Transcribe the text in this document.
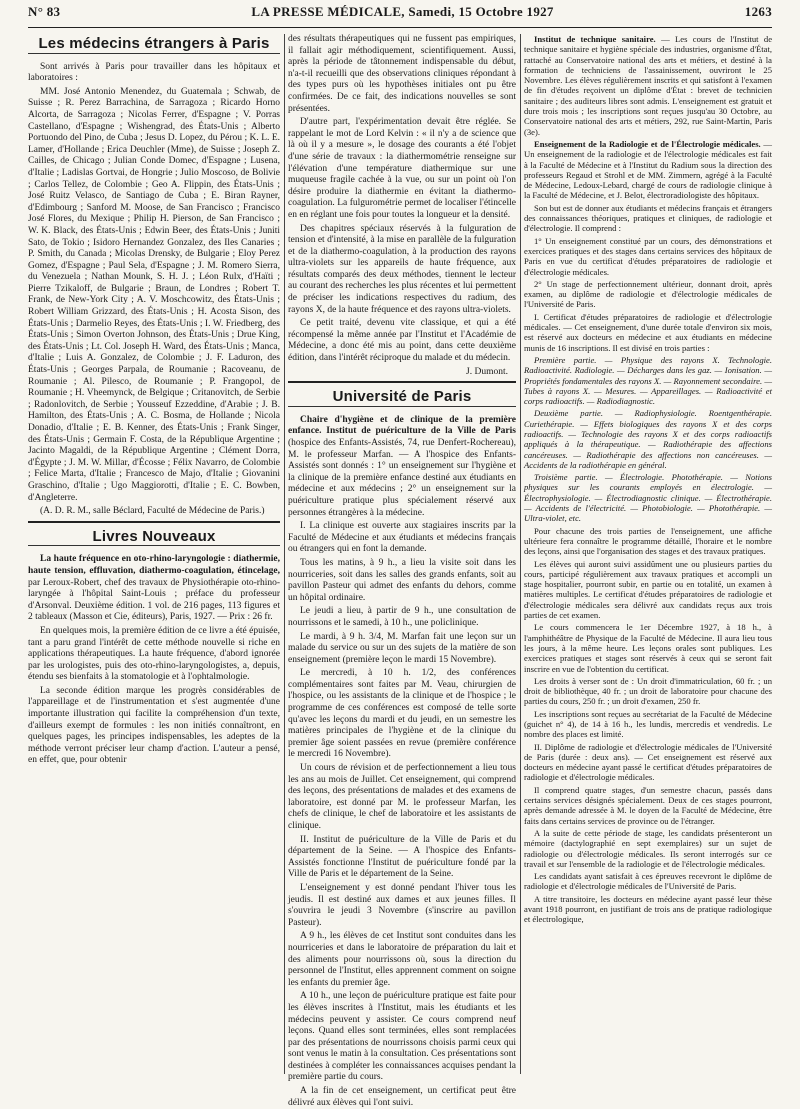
N° 83	LA PRESSE MÉDICALE, Samedi, 15 Octobre 1927	1263
Les médecins étrangers à Paris

Sont arrivés à Paris pour travailler dans les hôpitaux et laboratoires :

MM. José Antonio Menendez, du Guatemala ; Schwab, de Suisse ; R. Perez Barrachina, de Sarragoza ; Ricardo Horno Alcorta, de Sarragoza ; Nicolas Ferrer, d'Espagne ; V. Porras Castellano, d'Espagne ; Wishengrad, des États-Unis ; Alberto Portuondo del Pino, de Cuba ; Jesus D. Lopez, du Pérou ; K. L. E. Lamer, d'Hollande ; Erica Deuchler (Mme), de Suisse ; Joseph Z. Cailles, de Chicago ; Julian Conde Domec, d'Espagne ; Lusena, d'Italie ; Ladislas Gortvai, de Hongrie ; Julio Moscoso, de Bolivie ; Carlos Tellez, de Colombie ; Geo A. Flippin, des États-Unis ; José Ruitz Velasco, de Santiago de Cuba ; E. Biran Rayner, d'Edimbourg ; Sanford M. Moose, de San Francisco ; Francisco José Flores, du Mexique ; Philip H. Pierson, de San Francisco ; W. K. Black, des États-Unis ; Edwin Beer, des États-Unis ; Juniti Sato, de Tokio ; Isidoro Hernandez Gonzalez, des Iles Canaries ; P. Smith, du Canada ; Micolas Drensky, de Bulgarie ; Eloy Perez Gomez, d'Espagne ; Paul Sela, d'Espagne ; J. M. Romero Sierra, du Venezuela ; Nathan Mounk, S. H. J. ; Léon Rulx, d'Haïti ; Pierre Tzikaloff, de Bulgarie ; Braun, de Londres ; Robert T. Frank, de New-York City ; A. V. Moschcowitz, des États-Unis ; Robert William Grizzard, des États-Unis ; H. Acosta Sison, des États-Unis ; Darmelio Reyes, des États-Unis ; I. W. Friedberg, des États-Unis ; Simon Overton Johnson, des États-Unis ; Drue King, des États-Unis ; Lt. Col. Joseph H. Ward, des États-Unis ; Manca, d'Italie ; Luis A. Gonzalez, de Colombie ; J. F. Laduron, des États-Unis ; Georges Parpala, de Roumanie ; Racoveanu, de Roumanie ; Al. Pilesco, de Roumanie ; P. Frangopol, de Roumanie ; H. Vheemynck, de Belgique ; Critanovitch, de Serbie ; Radonlovitch, de Serbie ; Yousseuf Ezzeddine, d'Arabie ; J. B. Hamilton, des États-Unis ; A. C. Bosma, de Hollande ; Nicola Donadio, d'Italie ; E. B. Kenner, des États-Unis ; Frank Singer, des États-Unis ; Germain F. Costa, de la République Argentine ; Jacinto Magaldi, de la République Argentine ; Clément Dorra, d'Égypte ; J. M. W. Millar, d'Écosse ; Félix Navarro, de Colombie ; Felice Marta, d'Italie ; Francesco de Majo, d'Italie ; Giovanini Graschino, d'Italie ; Ugo Maggiorotti, d'Italie ; E. C. Bowben, d'Angleterre.

(A. D. R. M., salle Béclard, Faculté de Médecine de Paris.)

Livres Nouveaux

La haute fréquence en oto-rhino-laryngologie : diathermie, haute tension, effluvation, diathermo-coagulation, étincelage, par Leroux-Robert, chef des travaux de Physiothérapie oto-rhino-laryngée à l'hôpital Saint-Louis ; préface du professeur d'Arsonval. Deuxième édition. 1 vol. de 216 pages, 113 figures et 2 tableaux (Masson et Cie, éditeurs), Paris, 1927. — Prix : 26 fr.

En quelques mois, la première édition de ce livre a été épuisée, tant a paru grand l'intérêt de cette méthode nouvelle si riche en applications thérapeutiques. La haute fréquence, d'abord ignorée par les urologistes, puis des oto-rhino-laryngologistes, a, depuis, étendu ses bienfaits à la stomatologie et à l'ophtalmologie.

La seconde édition marque les progrès considérables de l'appareillage et de l'instrumentation et s'est augmentée d'une importante illustration qui facilite la compréhension d'un texte, d'ailleurs exempt de formules : les non initiés connaîtront, en quelques pages, les principes indispensables, les adeptes de la méthode verront préciser leur champ d'action. L'auteur a pensé, en effet, que, pour obtenir

des résultats thérapeutiques qui ne fussent pas empiriques, il fallait agir méthodiquement, scientifiquement. Aussi, après la période de tâtonnement indispensable du début, n'a-t-il recueilli que des observations cliniques répondant à des types purs où les hypothèses initiales ont pu être confirmées. De ce fait, des indications nouvelles se sont présentées.

D'autre part, l'expérimentation devait être réglée. Se rappelant le mot de Lord Kelvin : « il n'y a de science que là où il y a mesure », le dosage des courants a été l'objet d'une série de travaux : la diathermométrie renseigne sur l'élévation d'une température diathermique sur une muqueuse fragile cachée à la vue, ou sur un point où l'on désire produire la diathermie en évitant la diathermo-coagulation. La fulgurométrie permet de localiser l'étincelle en en réglant une fois pour toutes la longueur et la densité.

Des chapitres spéciaux réservés à la fulguration de tension et d'intensité, à la mise en parallèle de la fulguration et de la diathermo-coagulation, à la production des rayons ultra-violets sur les appareils de haute fréquence, aux résultats comparés des deux méthodes, tiennent le lecteur au courant des recherches les plus récentes et lui permettent de préciser les indications respectives du radium, des rayons X, de la haute fréquence et des rayons ultra-violets.

Ce petit traité, devenu vite classique, et qui a été récompensé la même année par l'Institut et l'Académie de Médecine, a donc été mis au point, dans cette deuxième édition, dans l'intérêt réciproque du malade et du médecin.

J. Dumont.
Université de Paris

Chaire d'hygiène et de clinique de la première enfance. Institut de puériculture de la Ville de Paris (hospice des Enfants-Assistés, 74, rue Denfert-Rochereau), M. le professeur Marfan. — A l'hospice des Enfants-Assistés sont donnés : 1° un enseignement sur l'hygiène et la clinique de la première enfance destiné aux étudiants en médecine et aux médecins ; 2° un enseignement sur la puériculture pratique plus spécialement réservé aux personnes étrangères à la médecine.

I. La clinique est ouverte aux stagiaires inscrits par la Faculté de Médecine et aux étudiants et médecins français ou étrangers qui en font la demande.

Tous les matins, à 9 h., a lieu la visite soit dans les nourriceries, soit dans les salles des grands enfants, soit au pavillon Pasteur qui admet des enfants du dehors, comme un hôpital ordinaire.

Le jeudi a lieu, à partir de 9 h., une consultation de nourrissons et le samedi, à 10 h., une policlinique.

Le mardi, à 9 h. 3/4, M. Marfan fait une leçon sur un malade du service ou sur un des sujets de la matière de son enseignement (première leçon le mardi 15 Novembre).

Le mercredi, à 10 h. 1/2, des conférences complémentaires sont faites par M. Veau, chirurgien de l'hospice, ou les assistants de la clinique et de l'hospice ; le programme de ces conférences est composé de telle sorte qu'avec les leçons du mardi et du jeudi, en un semestre les matières principales de l'hygiène et de la clinique du premier âge soient passées en revue (première conférence le mercredi 16 Novembre).

Un cours de révision et de perfectionnement a lieu tous les ans au mois de Juillet. Cet enseignement, qui comprend des leçons, des présentations de malades et des examens de laboratoire, est donné par M. le professeur Marfan, les chefs de clinique, le chef de laboratoire et les assistants de clinique.

II. Institut de puériculture de la Ville de Paris et du département de la Seine. — A l'hospice des Enfants-Assistés fonctionne l'Institut de puériculture fondé par la Ville de Paris et le département de la Seine.

L'enseignement y est donné pendant l'hiver tous les jeudis. Il est destiné aux dames et aux jeunes filles. Il s'ouvrira le jeudi 3 Novembre (s'inscrire au pavillon Pasteur).

A 9 h., les élèves de cet Institut sont conduites dans les nourriceries et dans le laboratoire de préparation du lait et des aliments pour nourrissons où, sous la direction du personnel de l'Institut, elles apprennent comment on soigne les enfants du premier âge.

A 10 h., une leçon de puériculture pratique est faite pour les élèves inscrites à l'Institut, mais les étudiants et les médecins peuvent y assister. Ce cours comprend neuf leçons. Quand elles sont terminées, elles sont remplacées par des présentations de nourrissons choisis parmi ceux qui sont venus le matin à la consultation. Ces présentations sont destinées à compléter les connaissances acquises pendant la première partie du cours.

A la fin de cet enseignement, un certificat peut être délivré aux élèves qui l'ont suivi.

Institut de technique sanitaire. — Les cours de l'Institut de technique sanitaire et hygiène spéciale des industries, organisme d'État, rattaché au Conservatoire national des arts et métiers, et destiné à la formation de techniciens de l'assainissement, ouvriront le 25 Novembre. Les élèves régulièrement inscrits et qui satisfont à l'examen de fin d'études reçoivent un diplôme d'État : brevet de technicien sanitaire ; des auditeurs libres sont admis. L'enseignement est gratuit et dure trois mois ; les inscriptions sont reçues jusqu'au 30 Octobre, au Conservatoire national des arts et métiers, 292, rue Saint-Martin, Paris (3e).

Enseignement de la Radiologie et de l'Électrologie médicales. — Un enseignement de la radiologie et de l'électrologie médicales est fait à la Faculté de Médecine et à l'Institut du Radium sous la direction des professeurs Regaud et Strohl et de MM. Zimmern, agrégé à la Faculté de Médecine, Ledoux-Lebard, chargé de cours de radiologie clinique à la Faculté de Médecine, et J. Belot, électroradiologiste des hôpitaux.

Son but est de donner aux étudiants et médecins français et étrangers des connaissances théoriques, pratiques et cliniques, de radiologie et d'électrologie. Il comprend :

1° Un enseignement constitué par un cours, des démonstrations et exercices pratiques et des stages dans certains services des hôpitaux de Paris en vue du certificat d'études préparatoires de radiologie et d'électrologie médicales.

2° Un stage de perfectionnement ultérieur, donnant droit, après examen, au diplôme de radiologie et d'électrologie médicales de l'Université de Paris.

I. Certificat d'études préparatoires de radiologie et d'électrologie médicales. — Cet enseignement, d'une durée totale d'environ six mois, est réservé aux docteurs en médecine et aux étudiants en médecine munis de 16 inscriptions. Il est divisé en trois parties :

Première partie. — Physique des rayons X. Technologie. Radioactivité. Radiologie. — Décharges dans les gaz. — Ionisation. — Propriétés fondamentales des rayons X. — Rayonnement secondaire. — Tubes à rayons X. — Mesures. — Appareillages. — Radioactivité et corps radioactifs. — Radiodiagnostic.

Deuxième partie. — Radiophysiologie. Roentgenthérapie. Curiethérapie. — Effets biologiques des rayons X et des corps radioactifs. — Technologie des rayons X et des corps radioactifs appliqués à la thérapeutique. — Radiothérapie des affections cancéreuses. — Radiothérapie des affections non cancéreuses. — Accidents de la radiothérapie en général.

Troisième partie. — Électrologie. Photothérapie. — Notions physiques sur les courants employés en électrologie. — Électrophysiologie. — Électrodiagnostic clinique. — Électrothérapie. — Accidents de l'électricité. — Photobiologie. — Photothérapie. — Ultra-violet, etc.

Pour chacune des trois parties de l'enseignement, une affiche ultérieure fera connaître le programme détaillé, l'horaire et le nombre des leçons, ainsi que l'organisation des stages et des travaux pratiques.

Les élèves qui auront suivi assidûment une ou plusieurs parties du cours, participé régulièrement aux travaux pratiques et accompli un stage hospitalier, pourront subir, en partie ou en totalité, un examen à matières multiples. Le certificat d'études préparatoires de radiologie et d'électrologie médicales sera délivré aux candidats reçus aux trois parties de cet examen.

Le cours commencera le 1er Décembre 1927, à 18 h., à l'amphithéâtre de Physique de la Faculté de Médecine. Il aura lieu tous les jours, à la même heure. Les leçons orales sont publiques. Les exercices pratiques et stages sont réservés à ceux qui se seront fait inscrire en vue de l'obtention du certificat.

Les droits à verser sont de : Un droit d'immatriculation, 60 fr. ; un droit de bibliothèque, 40 fr. ; un droit de laboratoire pour chacune des parties du cours, 250 fr. ; un droit d'examen, 250 fr.

Les inscriptions sont reçues au secrétariat de la Faculté de Médecine (guichet n° 4), de 14 à 16 h., les lundis, mercredis et vendredis. Le nombre des places est limité.

II. Diplôme de radiologie et d'électrologie médicales de l'Université de Paris (durée : deux ans). — Cet enseignement est réservé aux docteurs en médecine ayant passé le certificat d'études préparatoires de radiologie et d'électrologie médicales.

Il comprend quatre stages, d'un semestre chacun, passés dans certains services désignés spécialement. Deux de ces stages pourront, après demande adressée à M. le doyen de la Faculté de Médecine, être faits dans certains services de province ou de l'étranger.

A la suite de cette période de stage, les candidats présenteront un mémoire (dactylographié en sept exemplaires) sur un sujet de radiologie ou d'électrologie médicales. Ils seront interrogés sur ce travail et sur l'ensemble de la radiologie et de l'électrologie médicales.

Les candidats ayant satisfait à ces épreuves recevront le diplôme de radiologie et d'électrologie médicales de l'Université de Paris.

A titre transitoire, les docteurs en médecine ayant passé leur thèse avant 1918 pourront, en justifiant de trois ans de pratique radiologique et électrologique,
